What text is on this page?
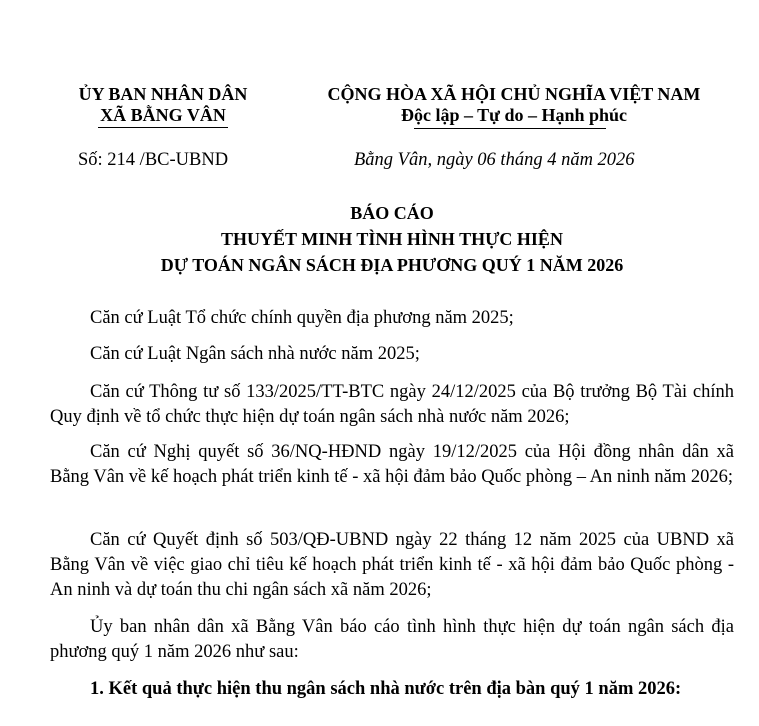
ỦY BAN NHÂN DÂN
XÃ BẰNG VÂN
CỘNG HÒA XÃ HỘI CHỦ NGHĨA VIỆT NAM
Độc lập – Tự do – Hạnh phúc
Số: 214 /BC-UBND	Bằng Vân, ngày 06 tháng 4 năm 2026
BÁO CÁO
THUYẾT MINH TÌNH HÌNH THỰC HIỆN
DỰ TOÁN NGÂN SÁCH ĐỊA PHƯƠNG QUÝ 1 NĂM 2026
Căn cứ Luật Tổ chức chính quyền địa phương năm 2025;
Căn cứ Luật Ngân sách nhà nước năm 2025;
Căn cứ Thông tư số 133/2025/TT-BTC ngày 24/12/2025 của Bộ trưởng Bộ Tài chính Quy định về tổ chức thực hiện dự toán ngân sách nhà nước năm 2026;
Căn cứ Nghị quyết số 36/NQ-HĐND ngày 19/12/2025 của Hội đồng nhân dân xã Bằng Vân về kế hoạch phát triển kinh tế - xã hội đảm bảo Quốc phòng – An ninh năm 2026;
Căn cứ Quyết định số 503/QĐ-UBND ngày 22 tháng 12 năm 2025 của UBND xã Bằng Vân về việc giao chỉ tiêu kế hoạch phát triển kinh tế - xã hội đảm bảo Quốc phòng - An ninh và dự toán thu chi ngân sách xã năm 2026;
Ủy ban nhân dân xã Bằng Vân báo cáo tình hình thực hiện dự toán ngân sách địa phương quý 1 năm 2026 như sau:
1. Kết quả thực hiện thu ngân sách nhà nước trên địa bàn quý 1 năm 2026:
